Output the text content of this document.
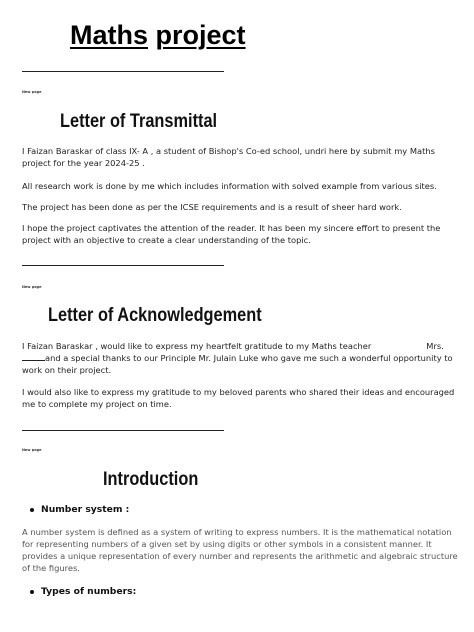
Maths project
New page
Letter of Transmittal
I Faizan Baraskar of class IX- A , a student of Bishop's Co-ed school, undri here by submit my Maths project for the year 2024-25 .
All research work is done by me which includes information with solved example from various sites.
The project has been done as per the ICSE requirements and is a result of sheer hard work.
I hope the project captivates the attention of the reader. It has been my sincere effort to present the project with an objective to create a clear understanding of the topic.
New page
Letter of Acknowledgement
I Faizan Baraskar , would like to express my heartfelt gratitude to my Maths teacher	Mrs. and a special thanks to our Principle Mr. Julain Luke who gave me such a wonderful opportunity to work on their project.
I would also like to express my gratitude to my beloved parents who shared their ideas and encouraged me to complete my project on time.
New page
Introduction
Number system :
A number system is defined as a system of writing to express numbers. It is the mathematical notation for representing numbers of a given set by using digits or other symbols in a consistent manner. It provides a unique representation of every number and represents the arithmetic and algebraic structure of the figures.
Types of numbers:
